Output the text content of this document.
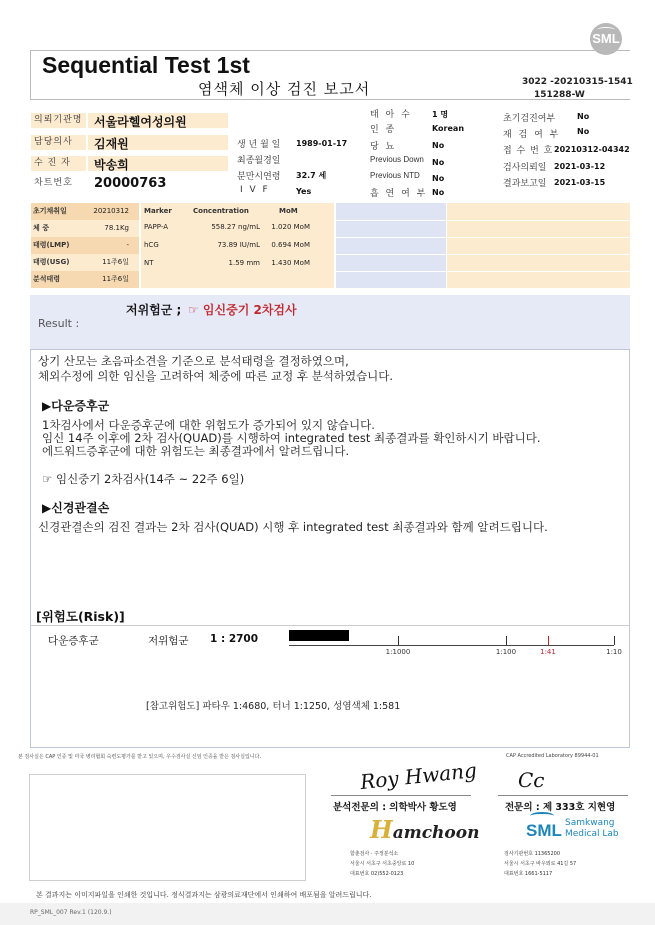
SML
Sequential Test 1st
염색체 이상 검진 보고서	3022 -20210315-1541
151288-W
의뢰기관명 서울라헬여성의원
담당의사	김재원
수 진 자	박송희
차트번호	20000763
생 년 월 일 1989-01-17
최종월경일
분만시연령 32.7 세
I V F	Yes
태 아 수	1 명
인 종	Korean
당 뇨	No
Previous Down No
Previous NTD No
흡 연 여 부 No
초기검진여부	No
재 검 여 부 No
접 수 번 호 20210312-04342
검사의뢰일 2021-03-12
결과보고일 2021-03-15
초기채취일	20210312
체 중	78.1Kg
태령(LMP)	-
태령(USG)	11주6일
분석태령	11주6일
Marker	Concentration	MoM
PAPP-A	558.27 ng/mL	1.020 MoM
hCG	73.89 IU/mL	0.694 MoM
NT	1.59 mm	1.430 MoM
Result :
저위험군 ; ☞ 임신중기 2차검사
상기 산모는 초음파소견을 기준으로 분석태령을 결정하였으며,
체외수정에 의한 임신을 고려하여 체중에 따른 교정 후 분석하였습니다.
▶다운증후군
1차검사에서 다운증후군에 대한 위험도가 증가되어 있지 않습니다.
임신 14주 이후에 2차 검사(QUAD)를 시행하여 integrated test 최종결과를 확인하시기 바랍니다.
에드워드증후군에 대한 위험도는 최종결과에서 알려드립니다.
☞ 임신중기 2차검사(14주 ~ 22주 6일)
▶신경관결손
신경관결손의 검진 결과는 2차 검사(QUAD) 시행 후 integrated test 최종결과와 함께 알려드립니다.
[위험도(Risk)]
다운증후군	저위험군 1 : 2700
1:1000	1:100	1:41	1:10
[참고위험도] 파타우 1:4680, 터너 1:1250, 성염색체 1:581
본 검사실은 CAP 인증 및 미국 병리협회 숙련도평가를 받고 있으며, 우수검사실 신임 인증을 받은 검사실입니다.	CAP Accredited Laboratory 89944-01
Roy Hwang Cc
분석전문의 : 의학박사 황도영	전문의 : 제 333호 지현영
Hamchoon	SML Samkwang
Medical Lab
함춘검사 · 주정분석소
서울시 서초구 서초중앙로 10
대표번호 02)552-0123
검사기관번호 11365200
서울시 서초구 바우뫼로 41길 57
대표번호 1661-5117
본 결과지는 이미지파일을 인쇄한 것입니다. 정식결과지는 삼광의료재단에서 인쇄하여 배포됨을 알려드립니다.
RP_SML_007 Rev.1 (120.9.)
